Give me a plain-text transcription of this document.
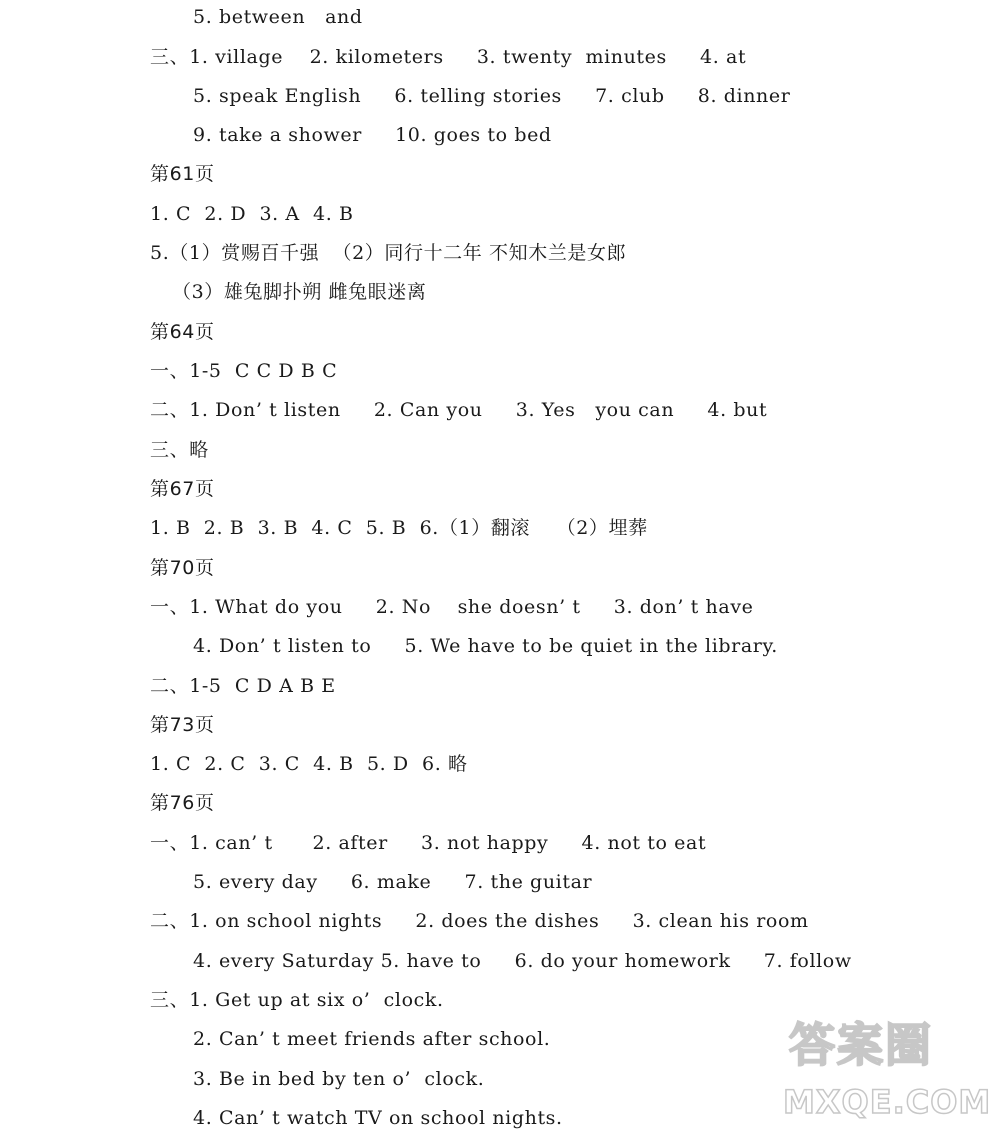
5. between   and
三、1. village    2. kilometers     3. twenty  minutes     4. at
5. speak English     6. telling stories     7. club     8. dinner
9. take a shower     10. goes to bed
第61页
1. C  2. D  3. A  4. B
5.（1）赏赐百千强  （2）同行十二年 不知木兰是女郎
（3）雄兔脚扑朔 雌兔眼迷离
第64页
一、1-5  C C D B C
二、1. Don’ t listen     2. Can you     3. Yes   you can     4. but
三、略
第67页
1. B  2. B  3. B  4. C  5. B  6.（1）翻滚    （2）埋葬
第70页
一、1. What do you     2. No    she doesn’ t     3. don’ t have
4. Don’ t listen to     5. We have to be quiet in the library.
二、1-5  C D A B E
第73页
1. C  2. C  3. C  4. B  5. D  6. 略
第76页
一、1. can’ t      2. after     3. not happy     4. not to eat
5. every day     6. make     7. the guitar
二、1. on school nights     2. does the dishes     3. clean his room
4. every Saturday 5. have to     6. do your homework     7. follow
三、1. Get up at six o’  clock.
2. Can’ t meet friends after school.
3. Be in bed by ten o’  clock.
4. Can’ t watch TV on school nights.
答案圈
MXQE.COM
